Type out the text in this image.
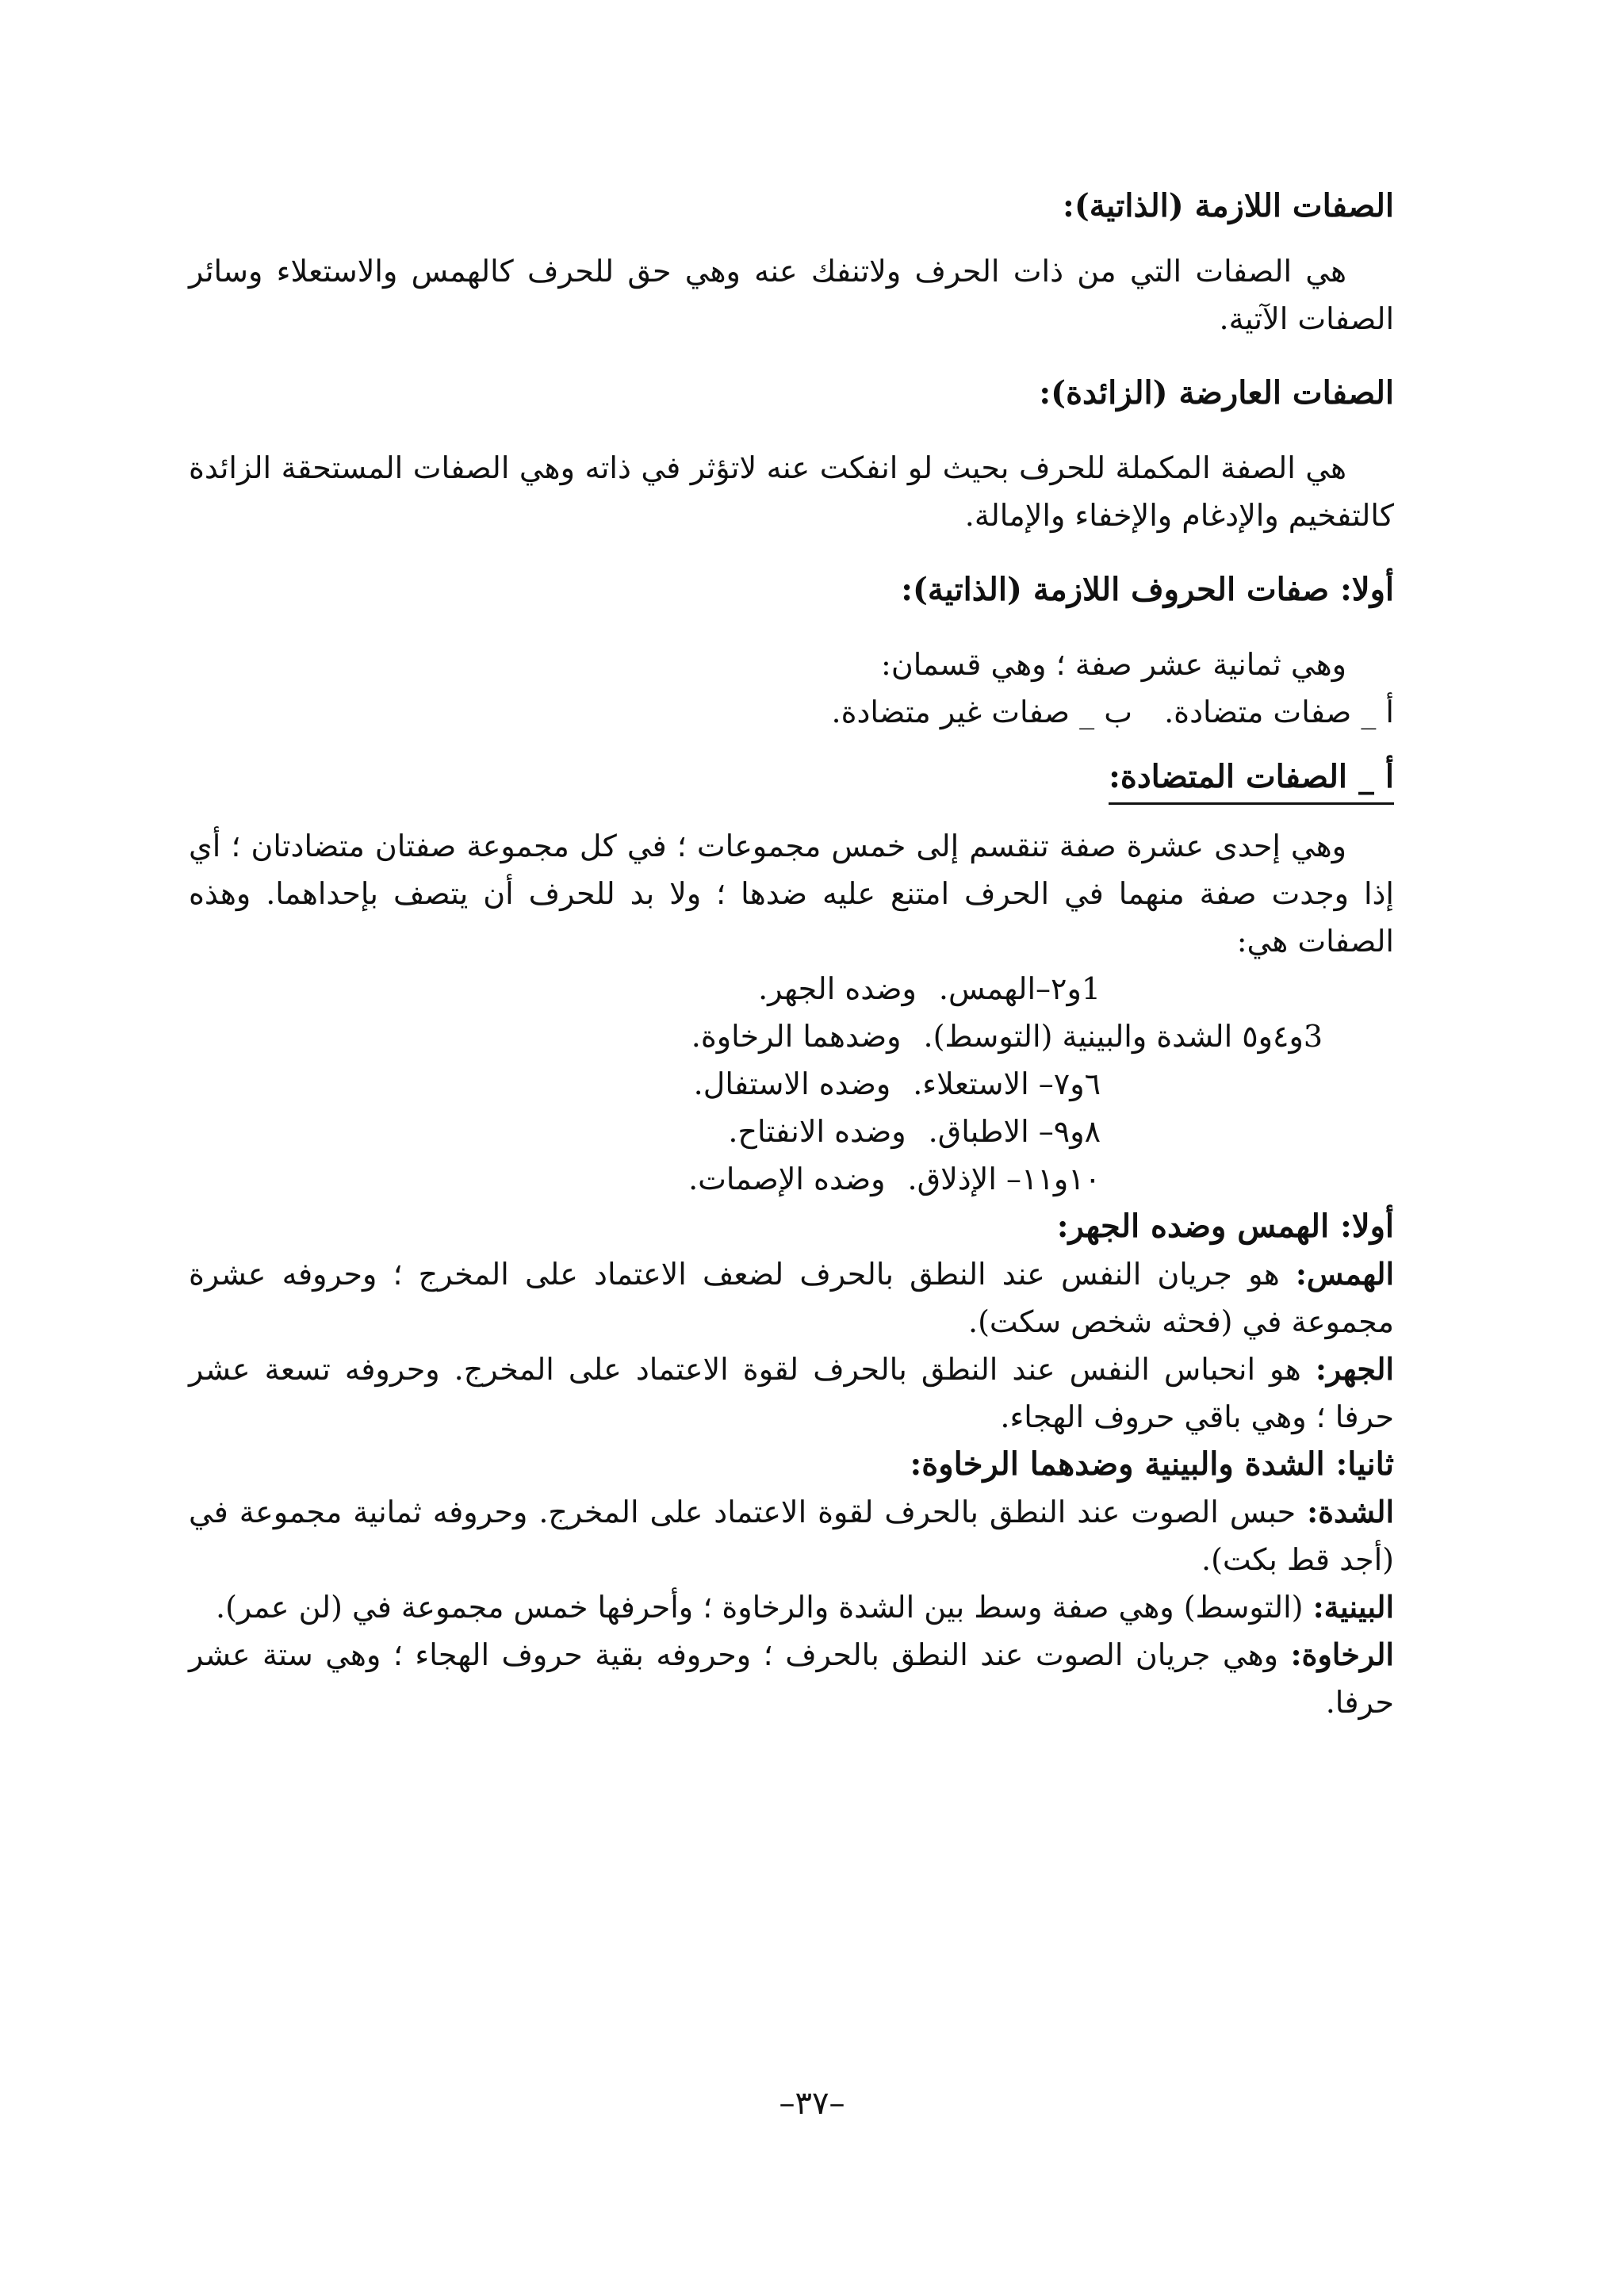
الصفات اللازمة (الذاتية):

هي الصفات التي من ذات الحرف ولاتنفك عنه وهي حق للحرف كالهمس والاستعلاء وسائر الصفات الآتية.

الصفات العارضة (الزائدة):

هي الصفة المكملة للحرف بحيث لو انفكت عنه لاتؤثر في ذاته وهي الصفات المستحقة الزائدة كالتفخيم والإدغام والإخفاء والإمالة.

أولا: صفات الحروف اللازمة (الذاتية):

وهي ثمانية عشر صفة ؛ وهي قسمان:

أ _ صفات متضادة.
ب _ صفات غير متضادة.

أ _ الصفات المتضادة:

وهي إحدى عشرة صفة تنقسم إلى خمس مجموعات ؛ في كل مجموعة صفتان متضادتان ؛ أي إذا وجدت صفة منهما في الحرف امتنع عليه ضدها ؛ ولا بد للحرف أن يتصف بإحداهما. وهذه الصفات هي:

1و٢–الهمس.وضده الجهر.

3و٤و٥ الشدة والبينية (التوسط).وضدهما الرخاوة.

٦و٧– الاستعلاء.وضده الاستفال.

٨و٩– الاطباق.وضده الانفتاح.

١٠و١١– الإذلاق.وضده الإصمات.

أولا: الهمس وضده الجهر:

الهمس: هو جريان النفس عند النطق بالحرف لضعف الاعتماد على المخرج ؛ وحروفه عشرة مجموعة في (فحثه شخص سكت).

الجهر: هو انحباس النفس عند النطق بالحرف لقوة الاعتماد على المخرج. وحروفه تسعة عشر حرفا ؛ وهي باقي حروف الهجاء.

ثانيا: الشدة والبينية وضدهما الرخاوة:

الشدة: حبس الصوت عند النطق بالحرف لقوة الاعتماد على المخرج. وحروفه ثمانية مجموعة في (أجد قط بكت).

البينية: (التوسط) وهي صفة وسط بين الشدة والرخاوة ؛ وأحرفها خمس مجموعة في (لن عمر).

الرخاوة: وهي جريان الصوت عند النطق بالحرف ؛ وحروفه بقية حروف الهجاء ؛ وهي ستة عشر حرفا.

–٣٧–
